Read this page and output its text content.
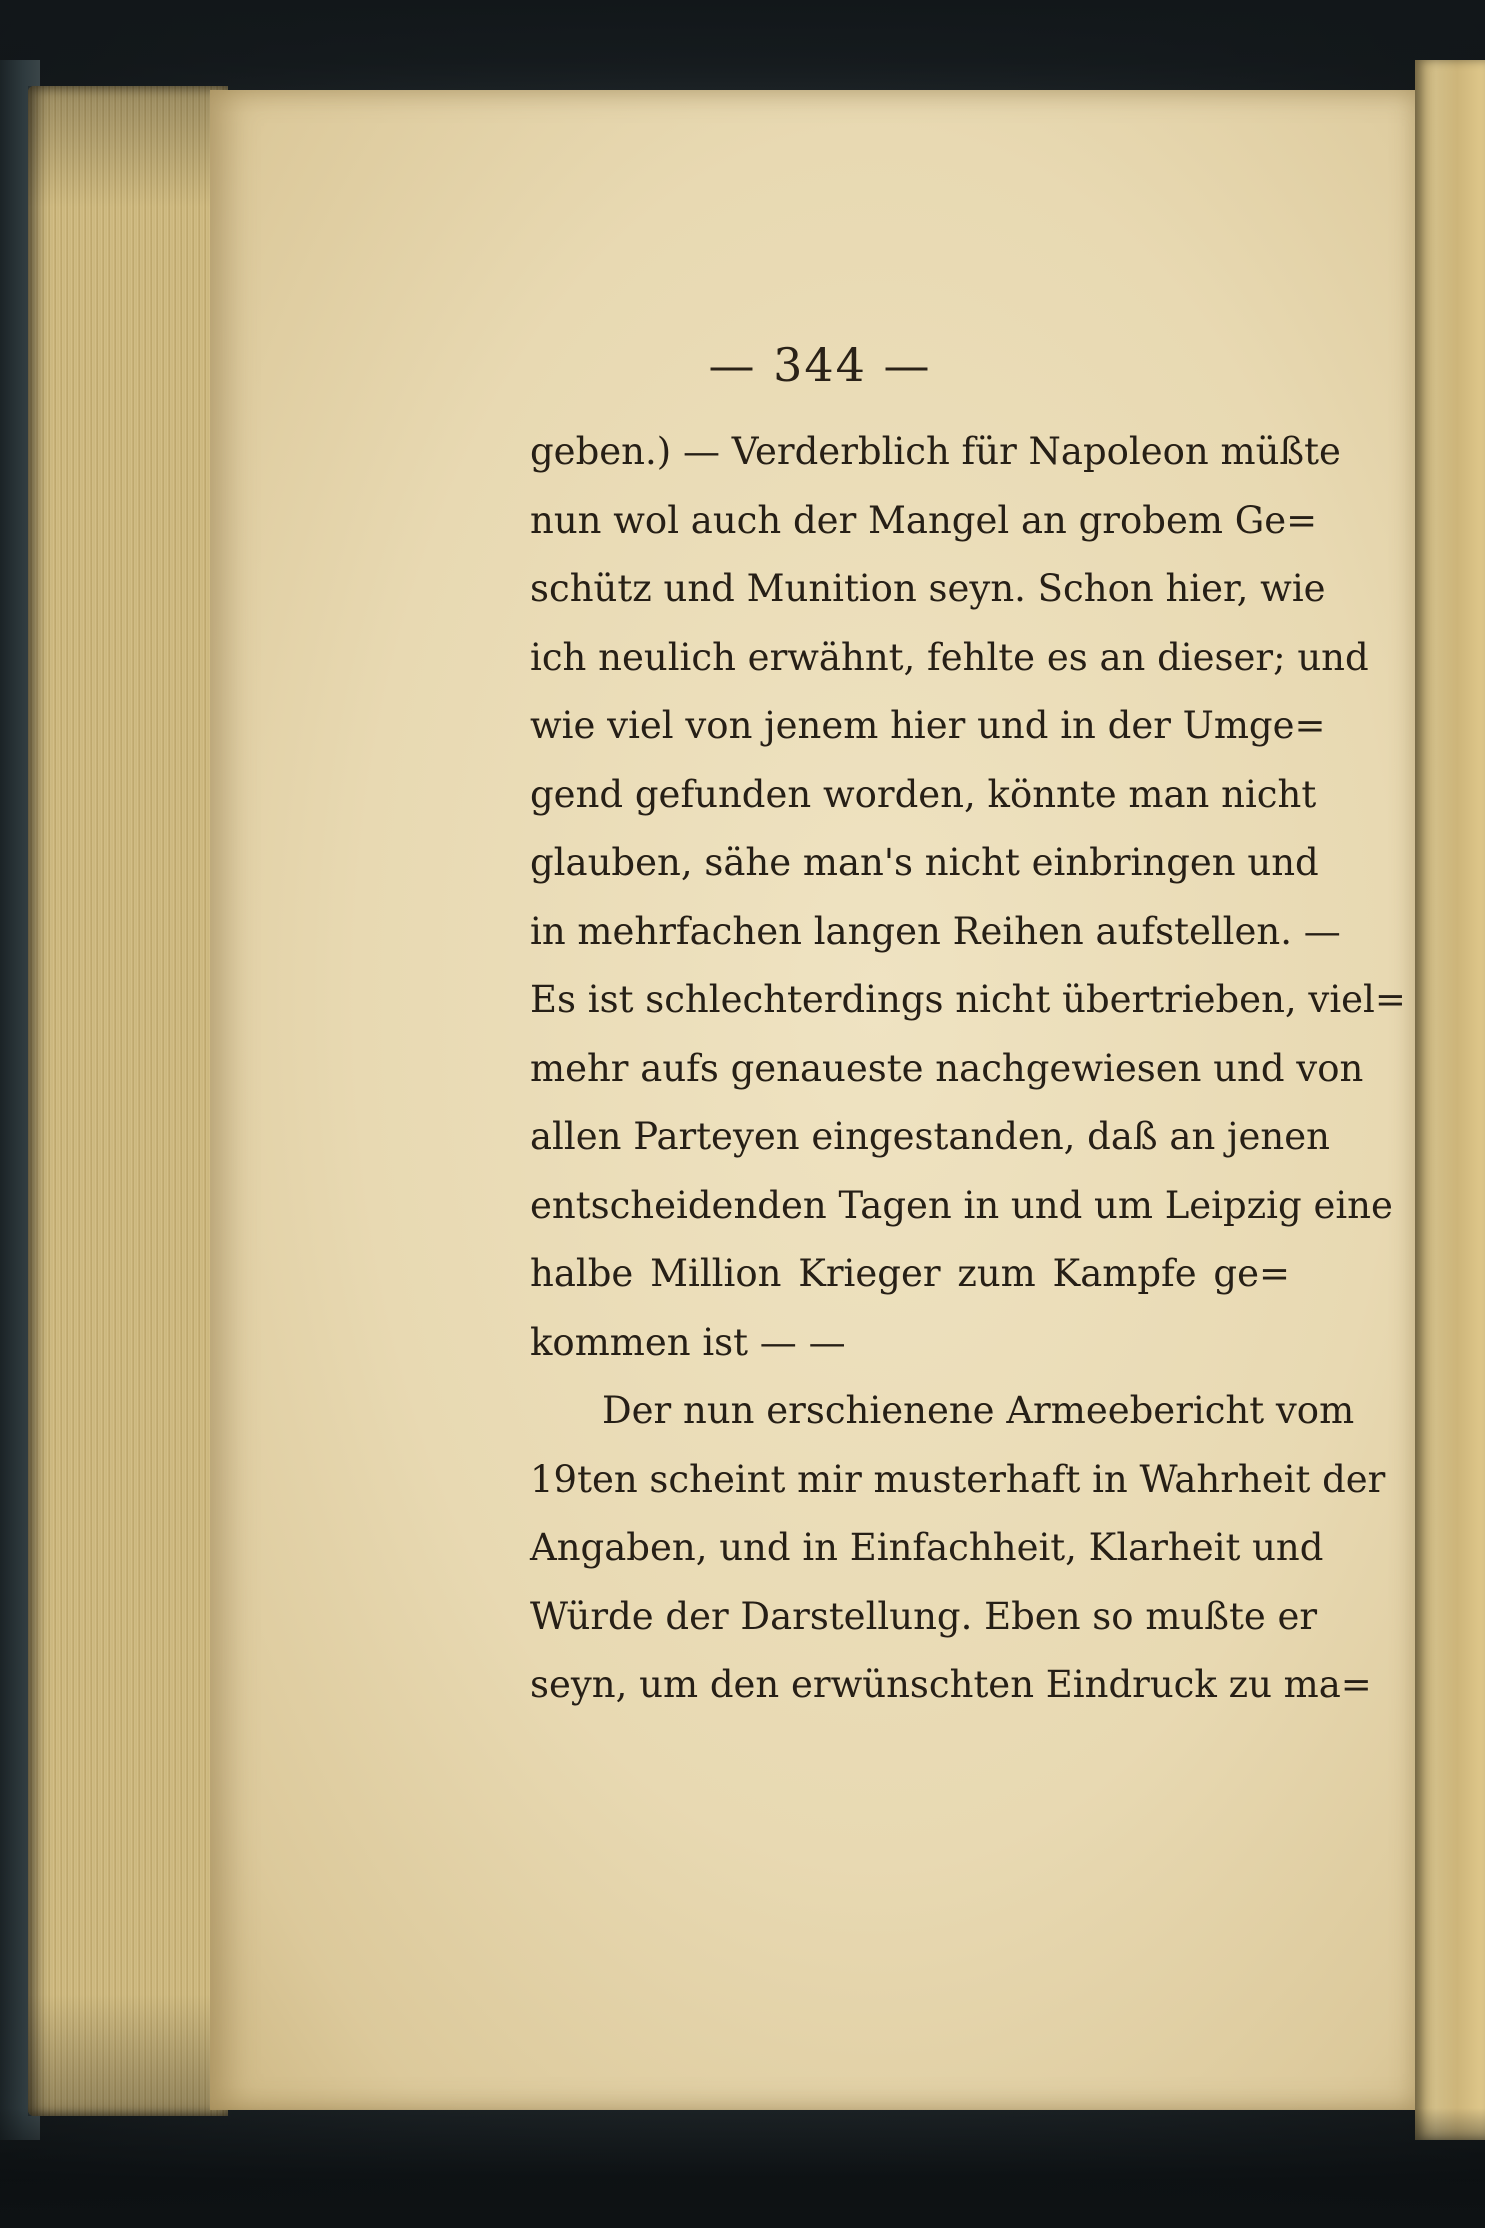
— 344 —
geben.) — Verderblich für Napoleon müßte
nun wol auch der Mangel an grobem Ge=
schütz und Munition seyn. Schon hier, wie
ich neulich erwähnt, fehlte es an dieser; und
wie viel von jenem hier und in der Umge=
gend gefunden worden, könnte man nicht
glauben, sähe man's nicht einbringen und
in mehrfachen langen Reihen aufstellen. —
Es ist schlechterdings nicht übertrieben, viel=
mehr aufs genaueste nachgewiesen und von
allen Parteyen eingestanden, daß an jenen
entscheidenden Tagen in und um Leipzig eine
halbe Million Krieger zum Kampfe ge=
kommen ist — —
Der nun erschienene Armeebericht vom
19ten scheint mir musterhaft in Wahrheit der
Angaben, und in Einfachheit, Klarheit und
Würde der Darstellung. Eben so mußte er
seyn, um den erwünschten Eindruck zu ma=
